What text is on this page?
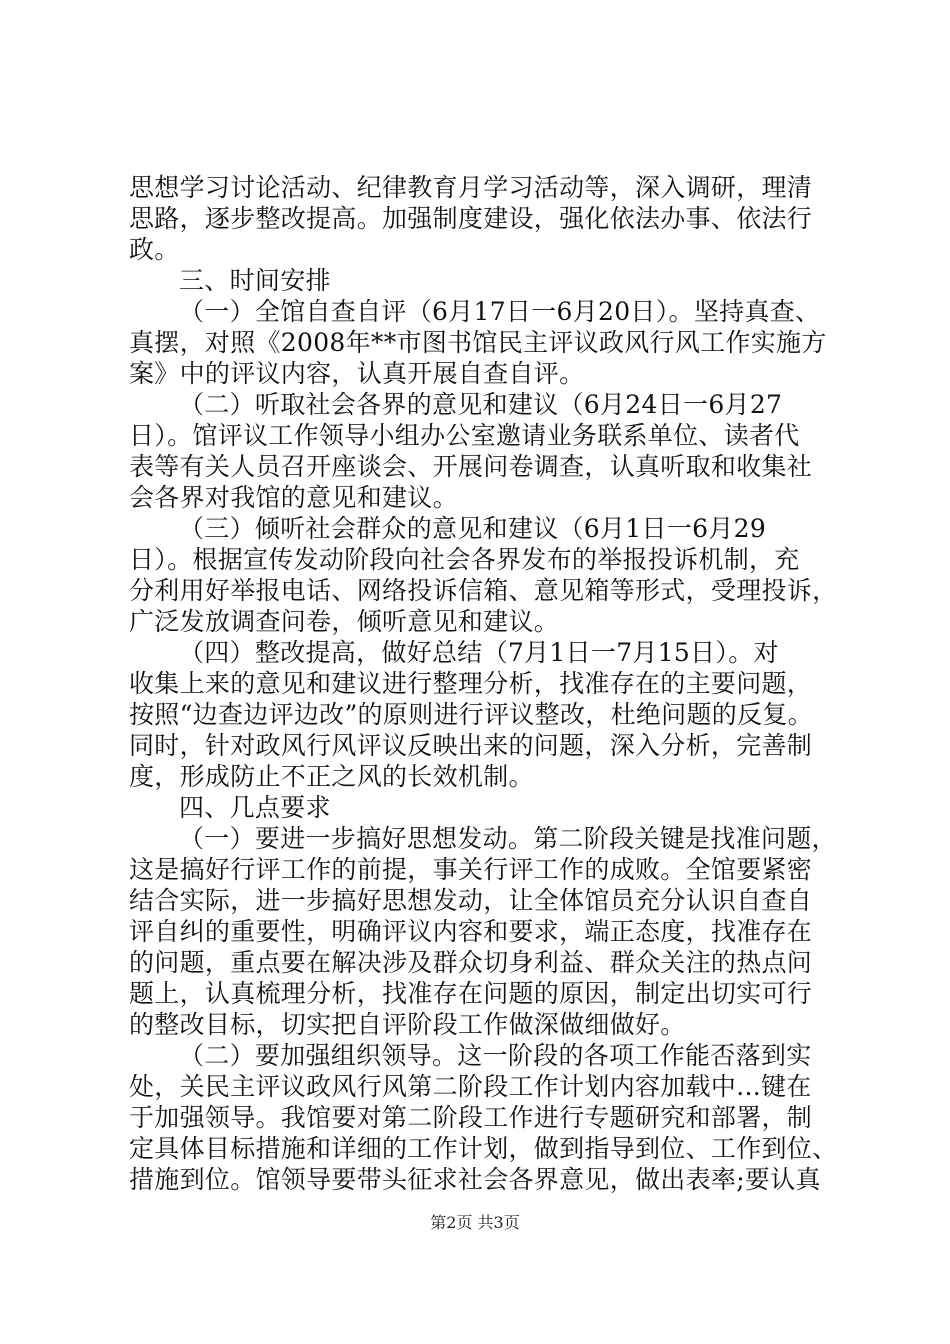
思想学习讨论活动、纪律教育月学习活动等，深入调研，理清
思路，逐步整改提高。加强制度建设，强化依法办事、依法行
政。
三、时间安排
（一）全馆自查自评（6月17日一6月20日）。坚持真查、
真摆，对照《2008年**市图书馆民主评议政风行风工作实施方
案》中的评议内容，认真开展自查自评。
（二）听取社会各界的意见和建议（6月24日一6月27
日）。馆评议工作领导小组办公室邀请业务联系单位、读者代
表等有关人员召开座谈会、开展问卷调查，认真听取和收集社
会各界对我馆的意见和建议。
（三）倾听社会群众的意见和建议（6月1日一6月29
日）。根据宣传发动阶段向社会各界发布的举报投诉机制，充
分利用好举报电话、网络投诉信箱、意见箱等形式，受理投诉，
广泛发放调查问卷，倾听意见和建议。
（四）整改提高，做好总结（7月1日一7月15日）。对
收集上来的意见和建议进行整理分析，找准存在的主要问题，
按照“边查边评边改”的原则进行评议整改，杜绝问题的反复。
同时，针对政风行风评议反映出来的问题，深入分析，完善制
度，形成防止不正之风的长效机制。
四、几点要求
（一）要进一步搞好思想发动。第二阶段关键是找准问题，
这是搞好行评工作的前提，事关行评工作的成败。全馆要紧密
结合实际，进一步搞好思想发动，让全体馆员充分认识自查自
评自纠的重要性，明确评议内容和要求，端正态度，找准存在
的问题，重点要在解决涉及群众切身利益、群众关注的热点问
题上，认真梳理分析，找准存在问题的原因，制定出切实可行
的整改目标，切实把自评阶段工作做深做细做好。
（二）要加强组织领导。这一阶段的各项工作能否落到实
处，关民主评议政风行风第二阶段工作计划内容加载中...键在
于加强领导。我馆要对第二阶段工作进行专题研究和部署，制
定具体目标措施和详细的工作计划，做到指导到位、工作到位、
措施到位。馆领导要带头征求社会各界意见，做出表率;要认真
第2页 共3页
